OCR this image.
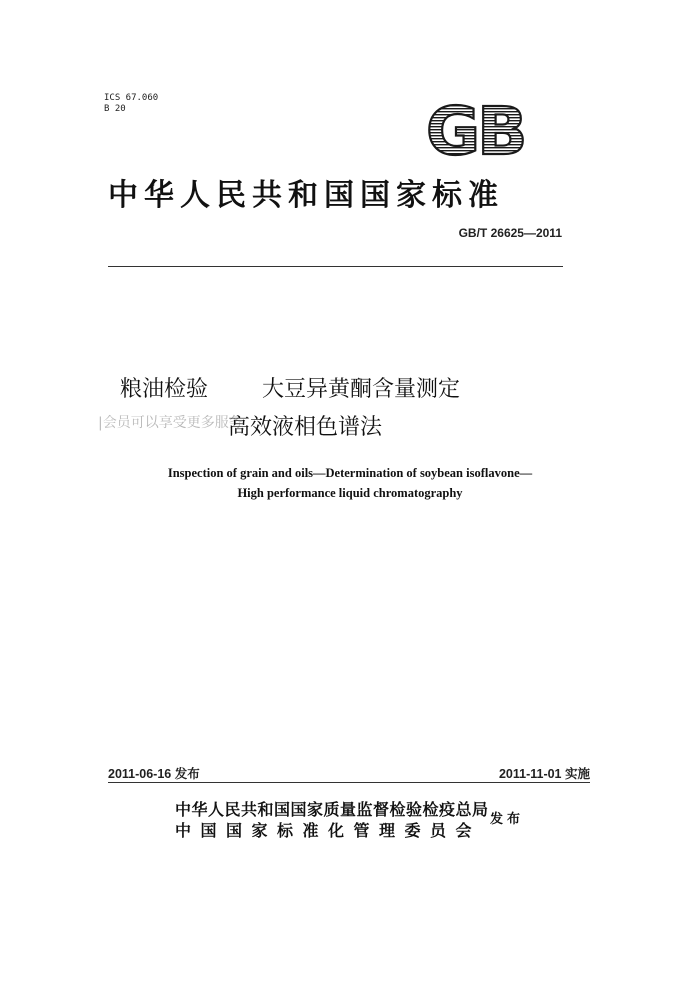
ICS 67.060
B 20	GB
中华人民共和国国家标准
GB/T 26625—2011
粮油检验 大豆异黄酮含量测定
|会员可以享受更多服务
高效液相色谱法
Inspection of grain and oils—Determination of soybean isoflavone—
High performance liquid chromatography
2011-06-16 发布	2011-11-01 实施
中华人民共和国国家质量监督检验检疫总局
中国国家标准化管理委员会
发布
